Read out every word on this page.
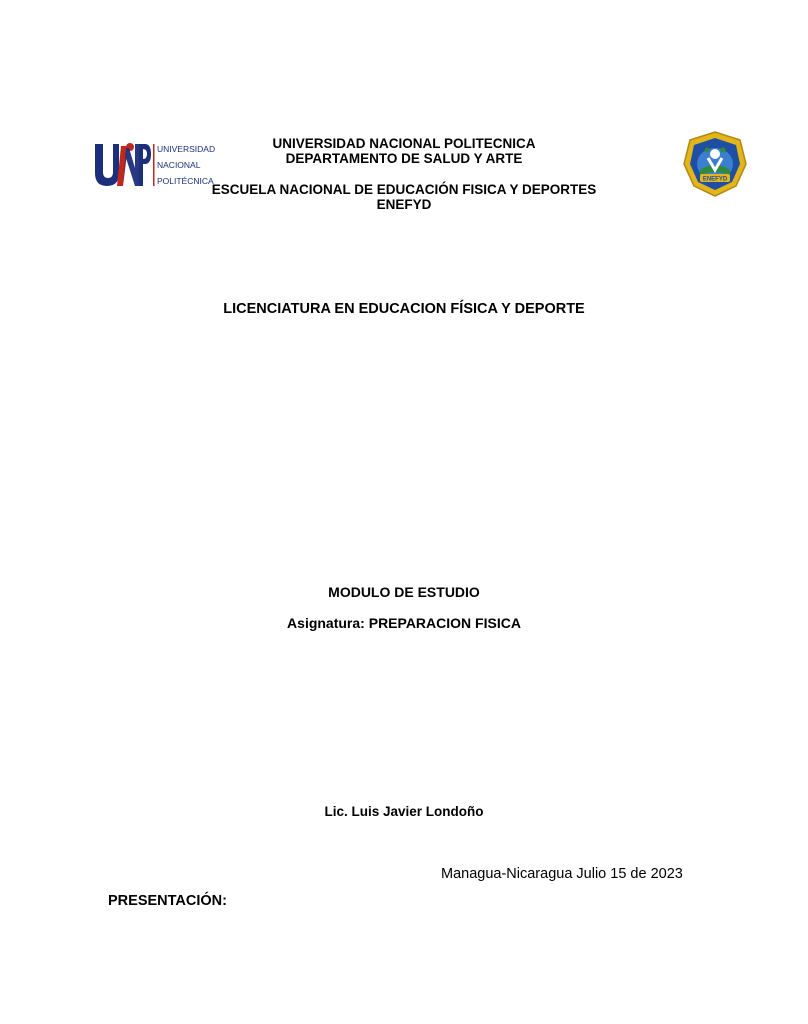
UNIVERSIDAD
NACIONAL
POLITÉCNICA	ENEFYD
UNIVERSIDAD NACIONAL POLITECNICA
DEPARTAMENTO DE SALUD Y ARTE
ESCUELA NACIONAL DE EDUCACIÓN FISICA Y DEPORTES
ENEFYD
LICENCIATURA EN EDUCACION FÍSICA Y DEPORTE
MODULO DE ESTUDIO
Asignatura: PREPARACION FISICA
Lic. Luis Javier Londoño
Managua-Nicaragua Julio 15 de 2023
PRESENTACIÓN:
